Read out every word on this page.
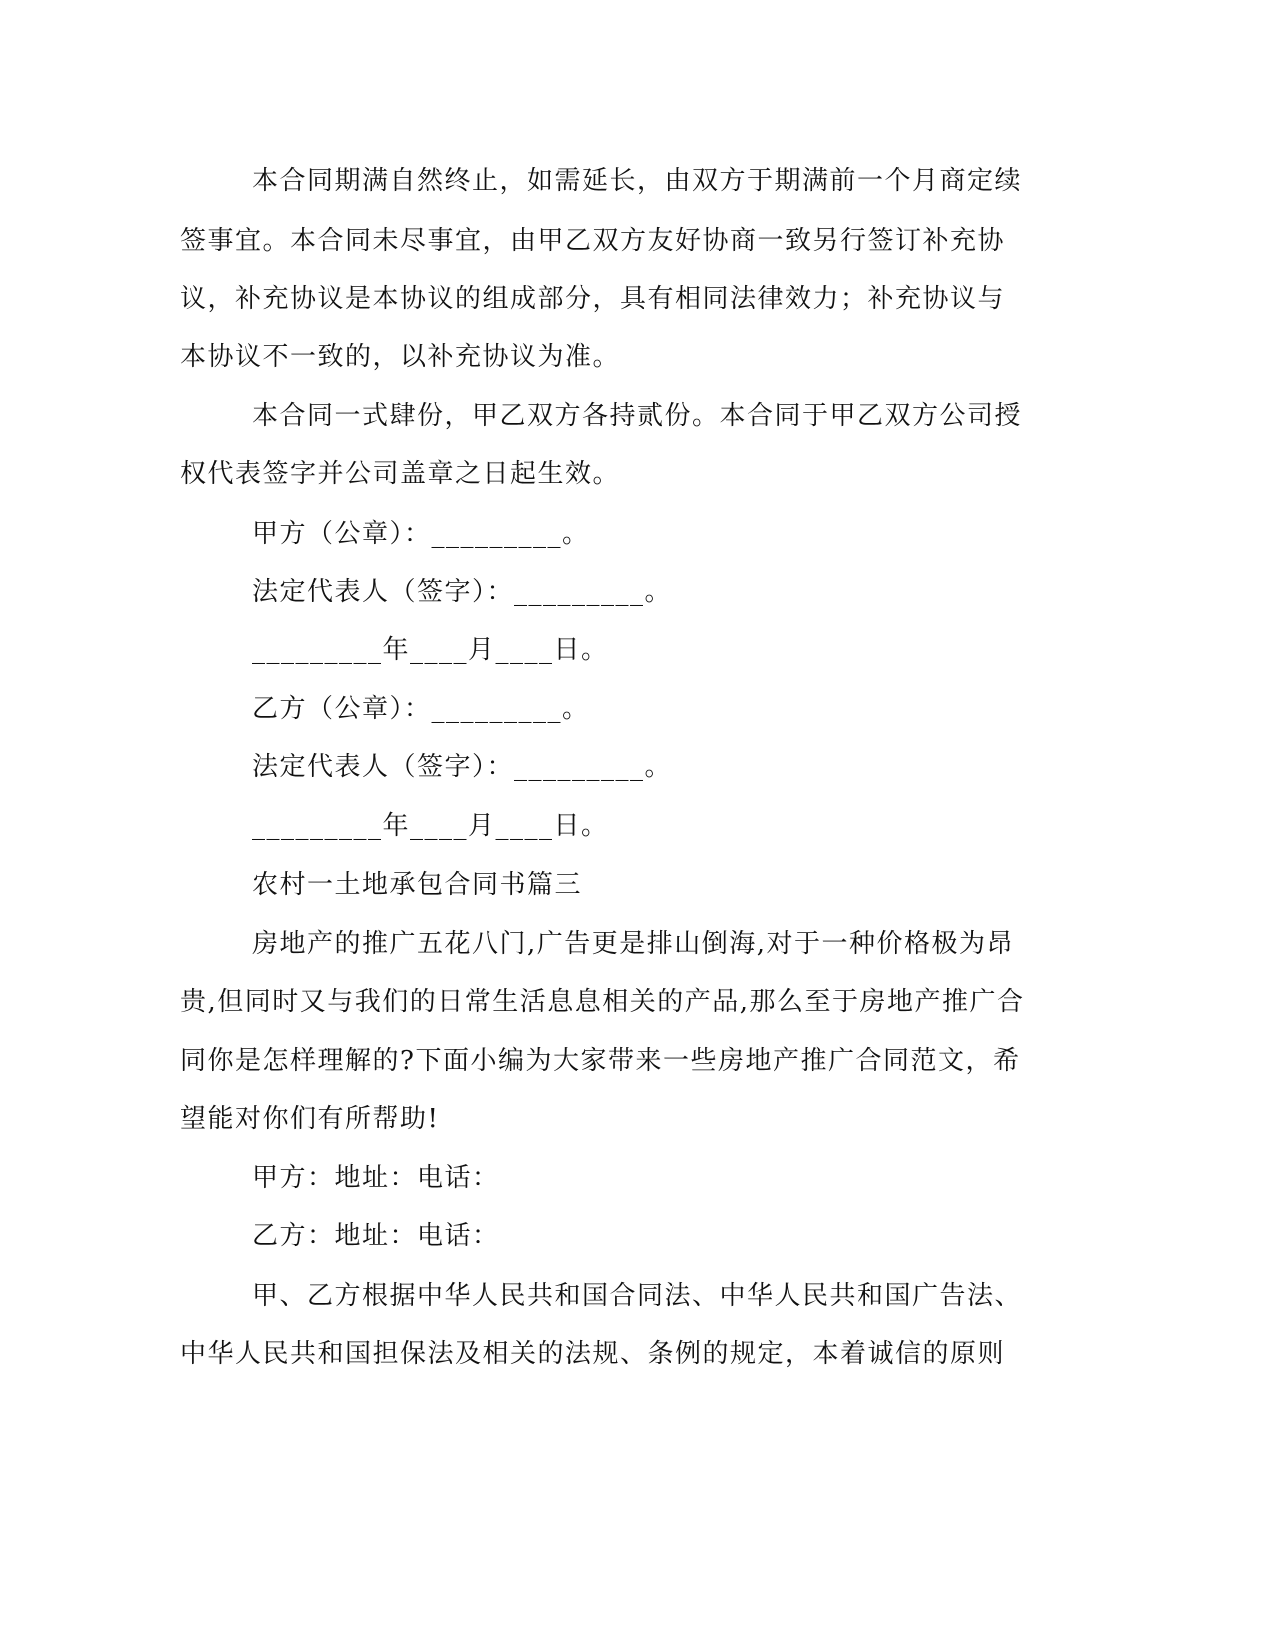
本合同期满自然终止，如需延长，由双方于期满前一个月商定续
签事宜。本合同未尽事宜，由甲乙双方友好协商一致另行签订补充协
议，补充协议是本协议的组成部分，具有相同法律效力；补充协议与
本协议不一致的，以补充协议为准。
本合同一式肆份，甲乙双方各持贰份。本合同于甲乙双方公司授
权代表签字并公司盖章之日起生效。
甲方（公章）：_________。
法定代表人（签字）：_________。
_________年____月____日。
乙方（公章）：_________。
法定代表人（签字）：_________。
_________年____月____日。
农村一土地承包合同书篇三
房地产的推广五花八门,广告更是排山倒海,对于一种价格极为昂
贵,但同时又与我们的日常生活息息相关的产品,那么至于房地产推广合
同你是怎样理解的?下面小编为大家带来一些房地产推广合同范文，希
望能对你们有所帮助!
甲方：地址：电话：
乙方：地址：电话：
甲、乙方根据中华人民共和国合同法、中华人民共和国广告法、
中华人民共和国担保法及相关的法规、条例的规定，本着诚信的原则
